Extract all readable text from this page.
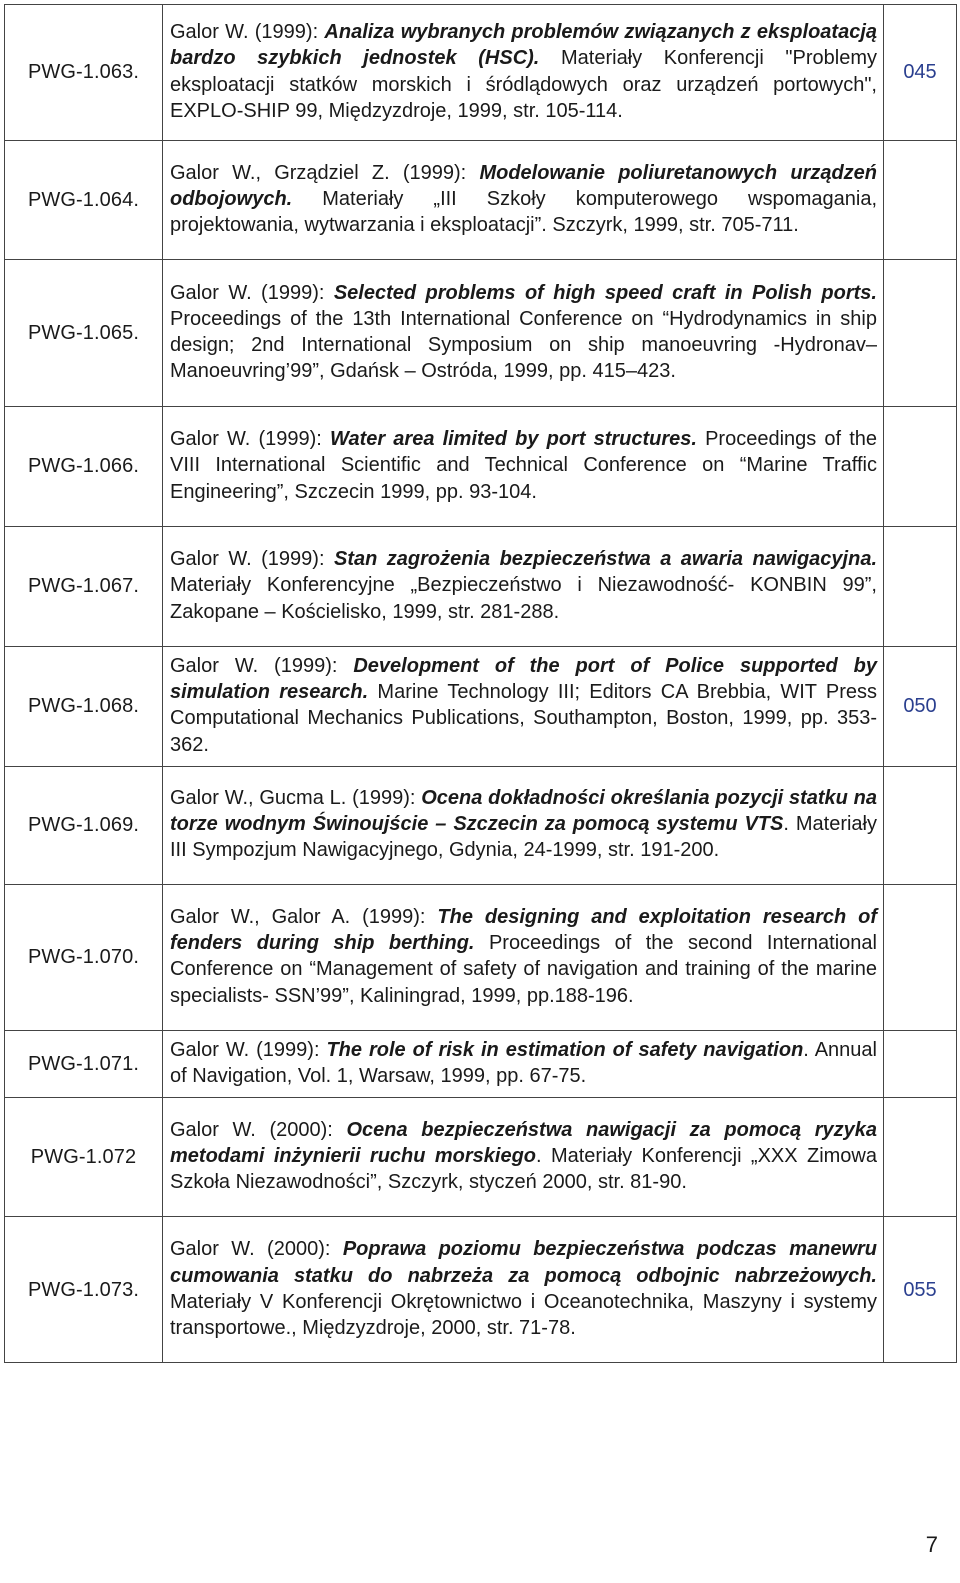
PWG-1.063.	Galor W. (1999): Analiza wybranych problemów związanych z eksploatacją bardzo szybkich jednostek (HSC). Materiały Konferencji "Problemy eksploatacji statków morskich i śródlądowych oraz urządzeń portowych", EXPLO-SHIP 99, Międzyzdroje, 1999, str. 105-114.	045
PWG-1.064.	Galor W., Grządziel Z. (1999): Modelowanie poliuretanowych urządzeń odbojowych. Materiały „III Szkoły komputerowego wspomagania, projektowania, wytwarzania i eksploatacji”. Szczyrk, 1999, str. 705-711.	
PWG-1.065.	Galor W. (1999): Selected problems of high speed craft in Polish ports. Proceedings of the 13th International Conference on “Hydrodynamics in ship design; 2nd International Symposium on ship manoeuvring -Hydronav– Manoeuvring’99”, Gdańsk – Ostróda, 1999, pp. 415–423.	
PWG-1.066.	Galor W. (1999): Water area limited by port structures. Proceedings of the VIII International Scientific and Technical Conference on “Marine Traffic Engineering”, Szczecin 1999, pp. 93-104.	
PWG-1.067.	Galor W. (1999): Stan zagrożenia bezpieczeństwa a awaria nawigacyjna. Materiały Konferencyjne „Bezpieczeństwo i Niezawodność- KONBIN 99”, Zakopane – Kościelisko, 1999, str. 281-288.	
PWG-1.068.	Galor W. (1999): Development of the port of Police supported by simulation research. Marine Technology III; Editors CA Brebbia, WIT Press Computational Mechanics Publications, Southampton, Boston, 1999, pp. 353-362.	050
PWG-1.069.	Galor W., Gucma L. (1999): Ocena dokładności określania pozycji statku na torze wodnym Świnoujście – Szczecin za pomocą systemu VTS. Materiały III Sympozjum Nawigacyjnego, Gdynia, 24-1999, str. 191-200.	
PWG-1.070.	Galor W., Galor A. (1999): The designing and exploitation research of fenders during ship berthing. Proceedings of the second International Conference on “Management of safety of navigation and training of the marine specialists- SSN’99”, Kaliningrad, 1999, pp.188-196.	
PWG-1.071.	Galor W. (1999): The role of risk in estimation of safety navigation. Annual of Navigation, Vol. 1, Warsaw, 1999, pp. 67-75.	
PWG-1.072	Galor W. (2000): Ocena bezpieczeństwa nawigacji za pomocą ryzyka metodami inżynierii ruchu morskiego. Materiały Konferencji „XXX Zimowa Szkoła Niezawodności”, Szczyrk, styczeń 2000, str. 81-90.	
PWG-1.073.	Galor W. (2000): Poprawa poziomu bezpieczeństwa podczas manewru cumowania statku do nabrzeża za pomocą odbojnic nabrzeżowych. Materiały V Konferencji Okrętownictwo i Oceanotechnika, Maszyny i systemy transportowe., Międzyzdroje, 2000, str. 71-78.	055
7
